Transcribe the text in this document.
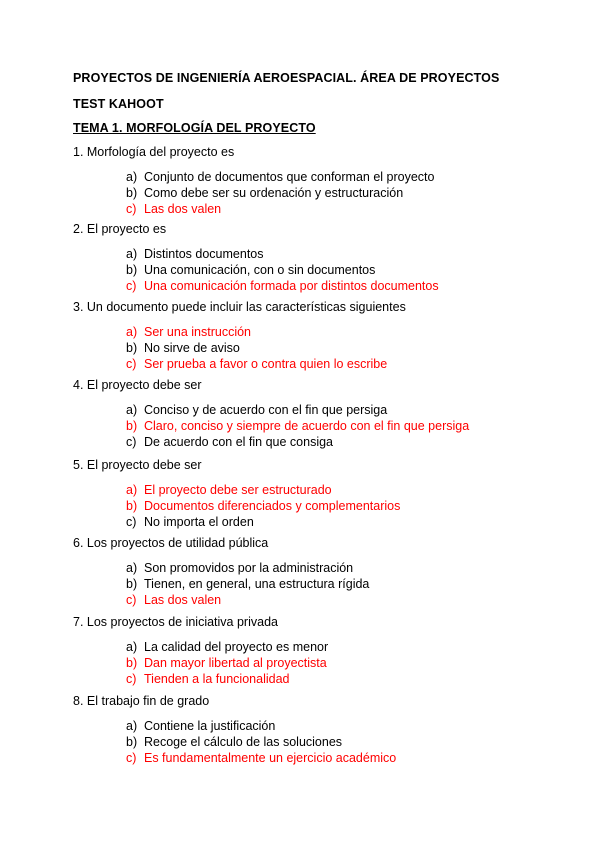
PROYECTOS DE INGENIERÍA AEROESPACIAL. ÁREA DE PROYECTOS
TEST KAHOOT
TEMA 1. MORFOLOGÍA DEL PROYECTO
1. Morfología del proyecto es
a) Conjunto de documentos que conforman el proyecto
b) Como debe ser su ordenación y estructuración
c) Las dos valen
2. El proyecto es
a) Distintos documentos
b) Una comunicación, con o sin documentos
c) Una comunicación formada por distintos documentos
3. Un documento puede incluir las características siguientes
a) Ser una instrucción
b) No sirve de aviso
c) Ser prueba a favor o contra quien lo escribe
4. El proyecto debe ser
a) Conciso y de acuerdo con el fin que persiga
b) Claro, conciso y siempre de acuerdo con el fin que persiga
c) De acuerdo con el fin que consiga
5. El proyecto debe ser
a) El proyecto debe ser estructurado
b) Documentos diferenciados y complementarios
c) No importa el orden
6. Los proyectos de utilidad pública
a) Son promovidos por la administración
b) Tienen, en general, una estructura rígida
c) Las dos valen
7. Los proyectos de iniciativa privada
a) La calidad del proyecto es menor
b) Dan mayor libertad al proyectista
c) Tienden a la funcionalidad
8. El trabajo fin de grado
a) Contiene la justificación
b) Recoge el cálculo de las soluciones
c) Es fundamentalmente un ejercicio académico
